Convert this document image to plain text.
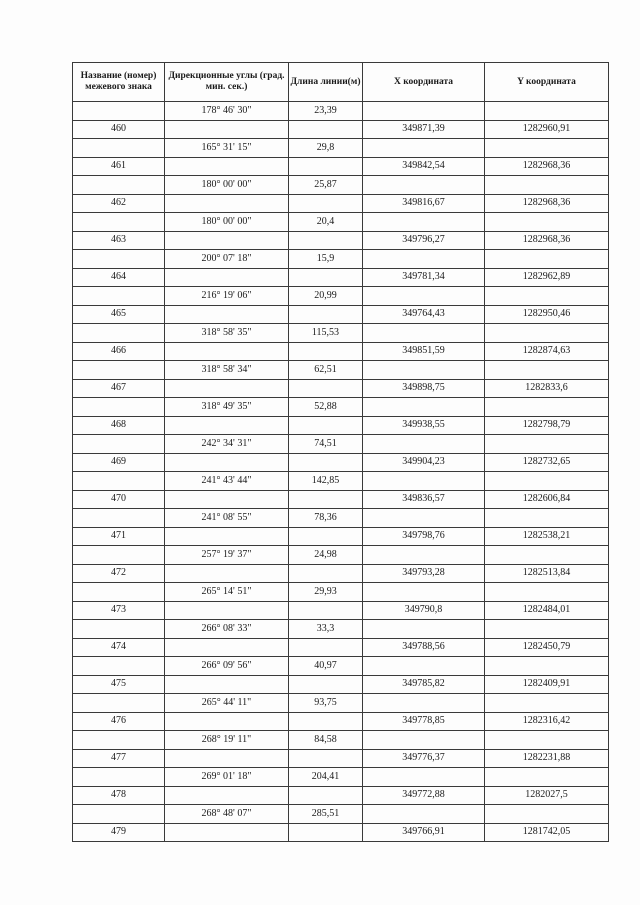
Название (номер) межевого знака	Дирекционные углы (град. мин. сек.)	Длина линии(м)	X координата	Y координата
	178° 46' 30"	23,39		
460			349871,39	1282960,91
	165° 31' 15"	29,8		
461			349842,54	1282968,36
	180° 00' 00"	25,87		
462			349816,67	1282968,36
	180° 00' 00"	20,4		
463			349796,27	1282968,36
	200° 07' 18"	15,9		
464			349781,34	1282962,89
	216° 19' 06"	20,99		
465			349764,43	1282950,46
	318° 58' 35"	115,53		
466			349851,59	1282874,63
	318° 58' 34"	62,51		
467			349898,75	1282833,6
	318° 49' 35"	52,88		
468			349938,55	1282798,79
	242° 34' 31"	74,51		
469			349904,23	1282732,65
	241° 43' 44"	142,85		
470			349836,57	1282606,84
	241° 08' 55"	78,36		
471			349798,76	1282538,21
	257° 19' 37"	24,98		
472			349793,28	1282513,84
	265° 14' 51"	29,93		
473			349790,8	1282484,01
	266° 08' 33"	33,3		
474			349788,56	1282450,79
	266° 09' 56"	40,97		
475			349785,82	1282409,91
	265° 44' 11"	93,75		
476			349778,85	1282316,42
	268° 19' 11"	84,58		
477			349776,37	1282231,88
	269° 01' 18"	204,41		
478			349772,88	1282027,5
	268° 48' 07"	285,51		
479			349766,91	1281742,05
